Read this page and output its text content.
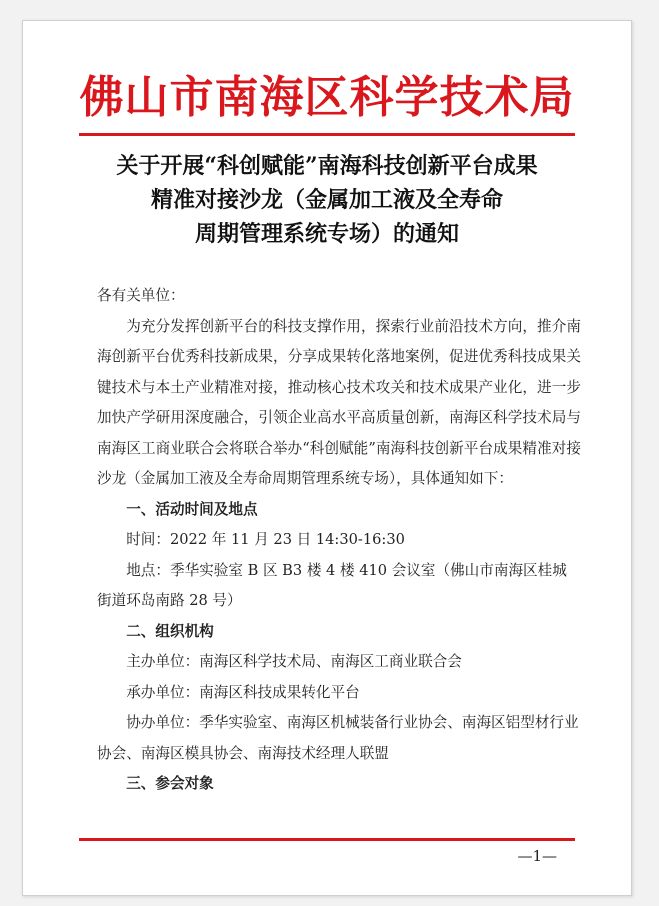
佛山市南海区科学技术局
关于开展“科创赋能”南海科技创新平台成果
精准对接沙龙（金属加工液及全寿命
周期管理系统专场）的通知

各有关单位：

为充分发挥创新平台的科技支撑作用，探索行业前沿技术方向，推介南海创新平台优秀科技新成果，分享成果转化落地案例，促进优秀科技成果关键技术与本土产业精准对接，推动核心技术攻关和技术成果产业化，进一步加快产学研用深度融合，引领企业高水平高质量创新，南海区科学技术局与南海区工商业联合会将联合举办“科创赋能”南海科技创新平台成果精准对接沙龙（金属加工液及全寿命周期管理系统专场），具体通知如下：

一、活动时间及地点

时间：2022 年 11 月 23 日 14:30-16:30

地点：季华实验室 B 区 B3 楼 4 楼 410 会议室（佛山市南海区桂城街道环岛南路 28 号）

二、组织机构

主办单位：南海区科学技术局、南海区工商业联合会

承办单位：南海区科技成果转化平台

协办单位：季华实验室、南海区机械装备行业协会、南海区铝型材行业协会、南海区模具协会、南海技术经理人联盟

三、参会对象

—1—
